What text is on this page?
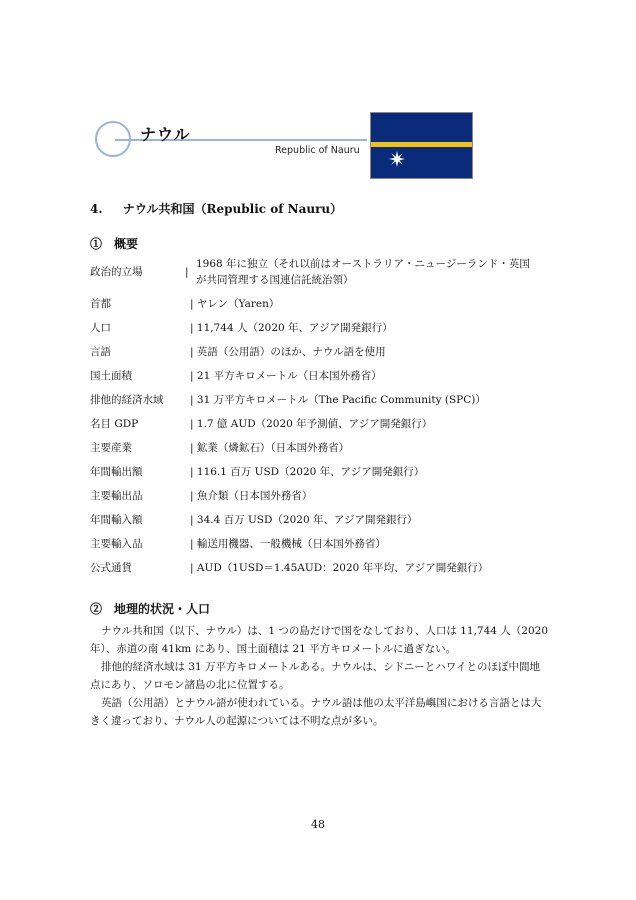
ナウル
Republic of Nauru
4. ナウル共和国（Republic of Nauru）
①　概要
政治的立場	|
1968 年に独立（それ以前はオーストラリア・ニュージーランド・英国
が共同管理する国連信託統治領）
首都	| ヤレン（Yaren）
人口	| 11,744 人（2020 年、アジア開発銀行）
言語	| 英語（公用語）のほか、ナウル語を使用
国土面積	| 21 平方キロメートル（日本国外務省）
排他的経済水域	| 31 万平方キロメートル（The Pacific Community (SPC)）
名目 GDP	| 1.7 億 AUD（2020 年予測値、アジア開発銀行）
主要産業	| 鉱業（燐鉱石）（日本国外務省）
年間輸出額	| 116.1 百万 USD（2020 年、アジア開発銀行）
主要輸出品	| 魚介類（日本国外務省）
年間輸入額	| 34.4 百万 USD（2020 年、アジア開発銀行）
主要輸入品	| 輸送用機器、一般機械（日本国外務省）
公式通貨	| AUD（1USD＝1.45AUD：2020 年平均、アジア開発銀行）
②　地理的状況・人口
ナウル共和国（以下、ナウル）は、1 つの島だけで国をなしており、人口は 11,744 人（2020 年）、赤道の南 41km にあり、国土面積は 21 平方キロメートルに過ぎない。
排他的経済水域は 31 万平方キロメートルある。ナウルは、シドニーとハワイとのほぼ中間地点にあり、ソロモン諸島の北に位置する。
英語（公用語）とナウル語が使われている。ナウル語は他の太平洋島嶼国における言語とは大きく違っており、ナウル人の起源については不明な点が多い。
48
